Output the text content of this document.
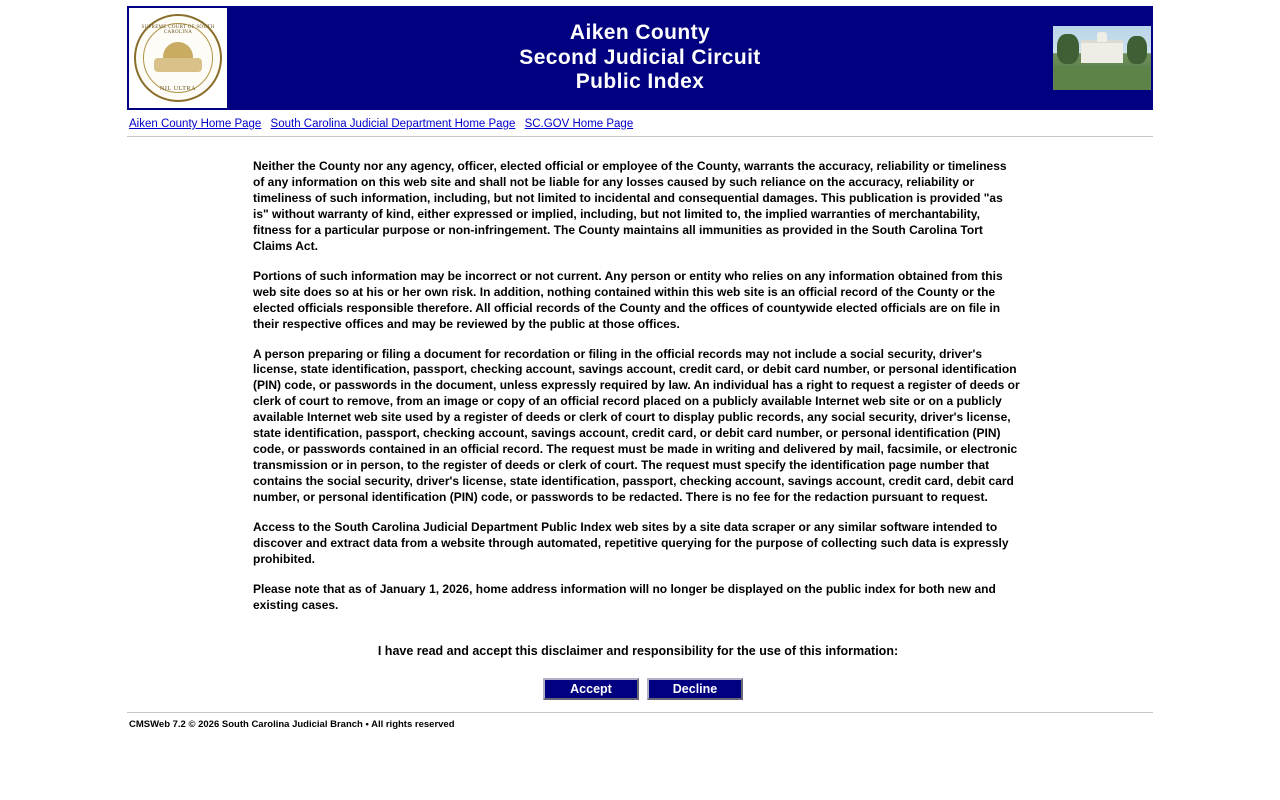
SUPREME COURT OF SOUTH CAROLINA
NIL ULTRA
Aiken County
Second Judicial Circuit
Public Index
Aiken County Home Page South Carolina Judicial Department Home Page SC.GOV Home Page

Neither the County nor any agency, officer, elected official or employee of the County, warrants the accuracy, reliability or timeliness of any information on this web site and shall not be liable for any losses caused by such reliance on the accuracy, reliability or timeliness of such information, including, but not limited to incidental and consequential damages. This publication is provided "as is" without warranty of kind, either expressed or implied, including, but not limited to, the implied warranties of merchantability, fitness for a particular purpose or non-infringement. The County maintains all immunities as provided in the South Carolina Tort Claims Act.

Portions of such information may be incorrect or not current. Any person or entity who relies on any information obtained from this web site does so at his or her own risk. In addition, nothing contained within this web site is an official record of the County or the elected officials responsible therefore. All official records of the County and the offices of countywide elected officials are on file in their respective offices and may be reviewed by the public at those offices.

A person preparing or filing a document for recordation or filing in the official records may not include a social security, driver's license, state identification, passport, checking account, savings account, credit card, or debit card number, or personal identification (PIN) code, or passwords in the document, unless expressly required by law. An individual has a right to request a register of deeds or clerk of court to remove, from an image or copy of an official record placed on a publicly available Internet web site or on a publicly available Internet web site used by a register of deeds or clerk of court to display public records, any social security, driver's license, state identification, passport, checking account, savings account, credit card, or debit card number, or personal identification (PIN) code, or passwords contained in an official record. The request must be made in writing and delivered by mail, facsimile, or electronic transmission or in person, to the register of deeds or clerk of court. The request must specify the identification page number that contains the social security, driver's license, state identification, passport, checking account, savings account, credit card, debit card number, or personal identification (PIN) code, or passwords to be redacted. There is no fee for the redaction pursuant to request.

Access to the South Carolina Judicial Department Public Index web sites by a site data scraper or any similar software intended to discover and extract data from a website through automated, repetitive querying for the purpose of collecting such data is expressly prohibited.

Please note that as of January 1, 2026, home address information will no longer be displayed on the public index for both new and existing cases.

I have read and accept this disclaimer and responsibility for the use of this information:
Accept	Decline
CMSWeb 7.2 © 2026 South Carolina Judicial Branch • All rights reserved
